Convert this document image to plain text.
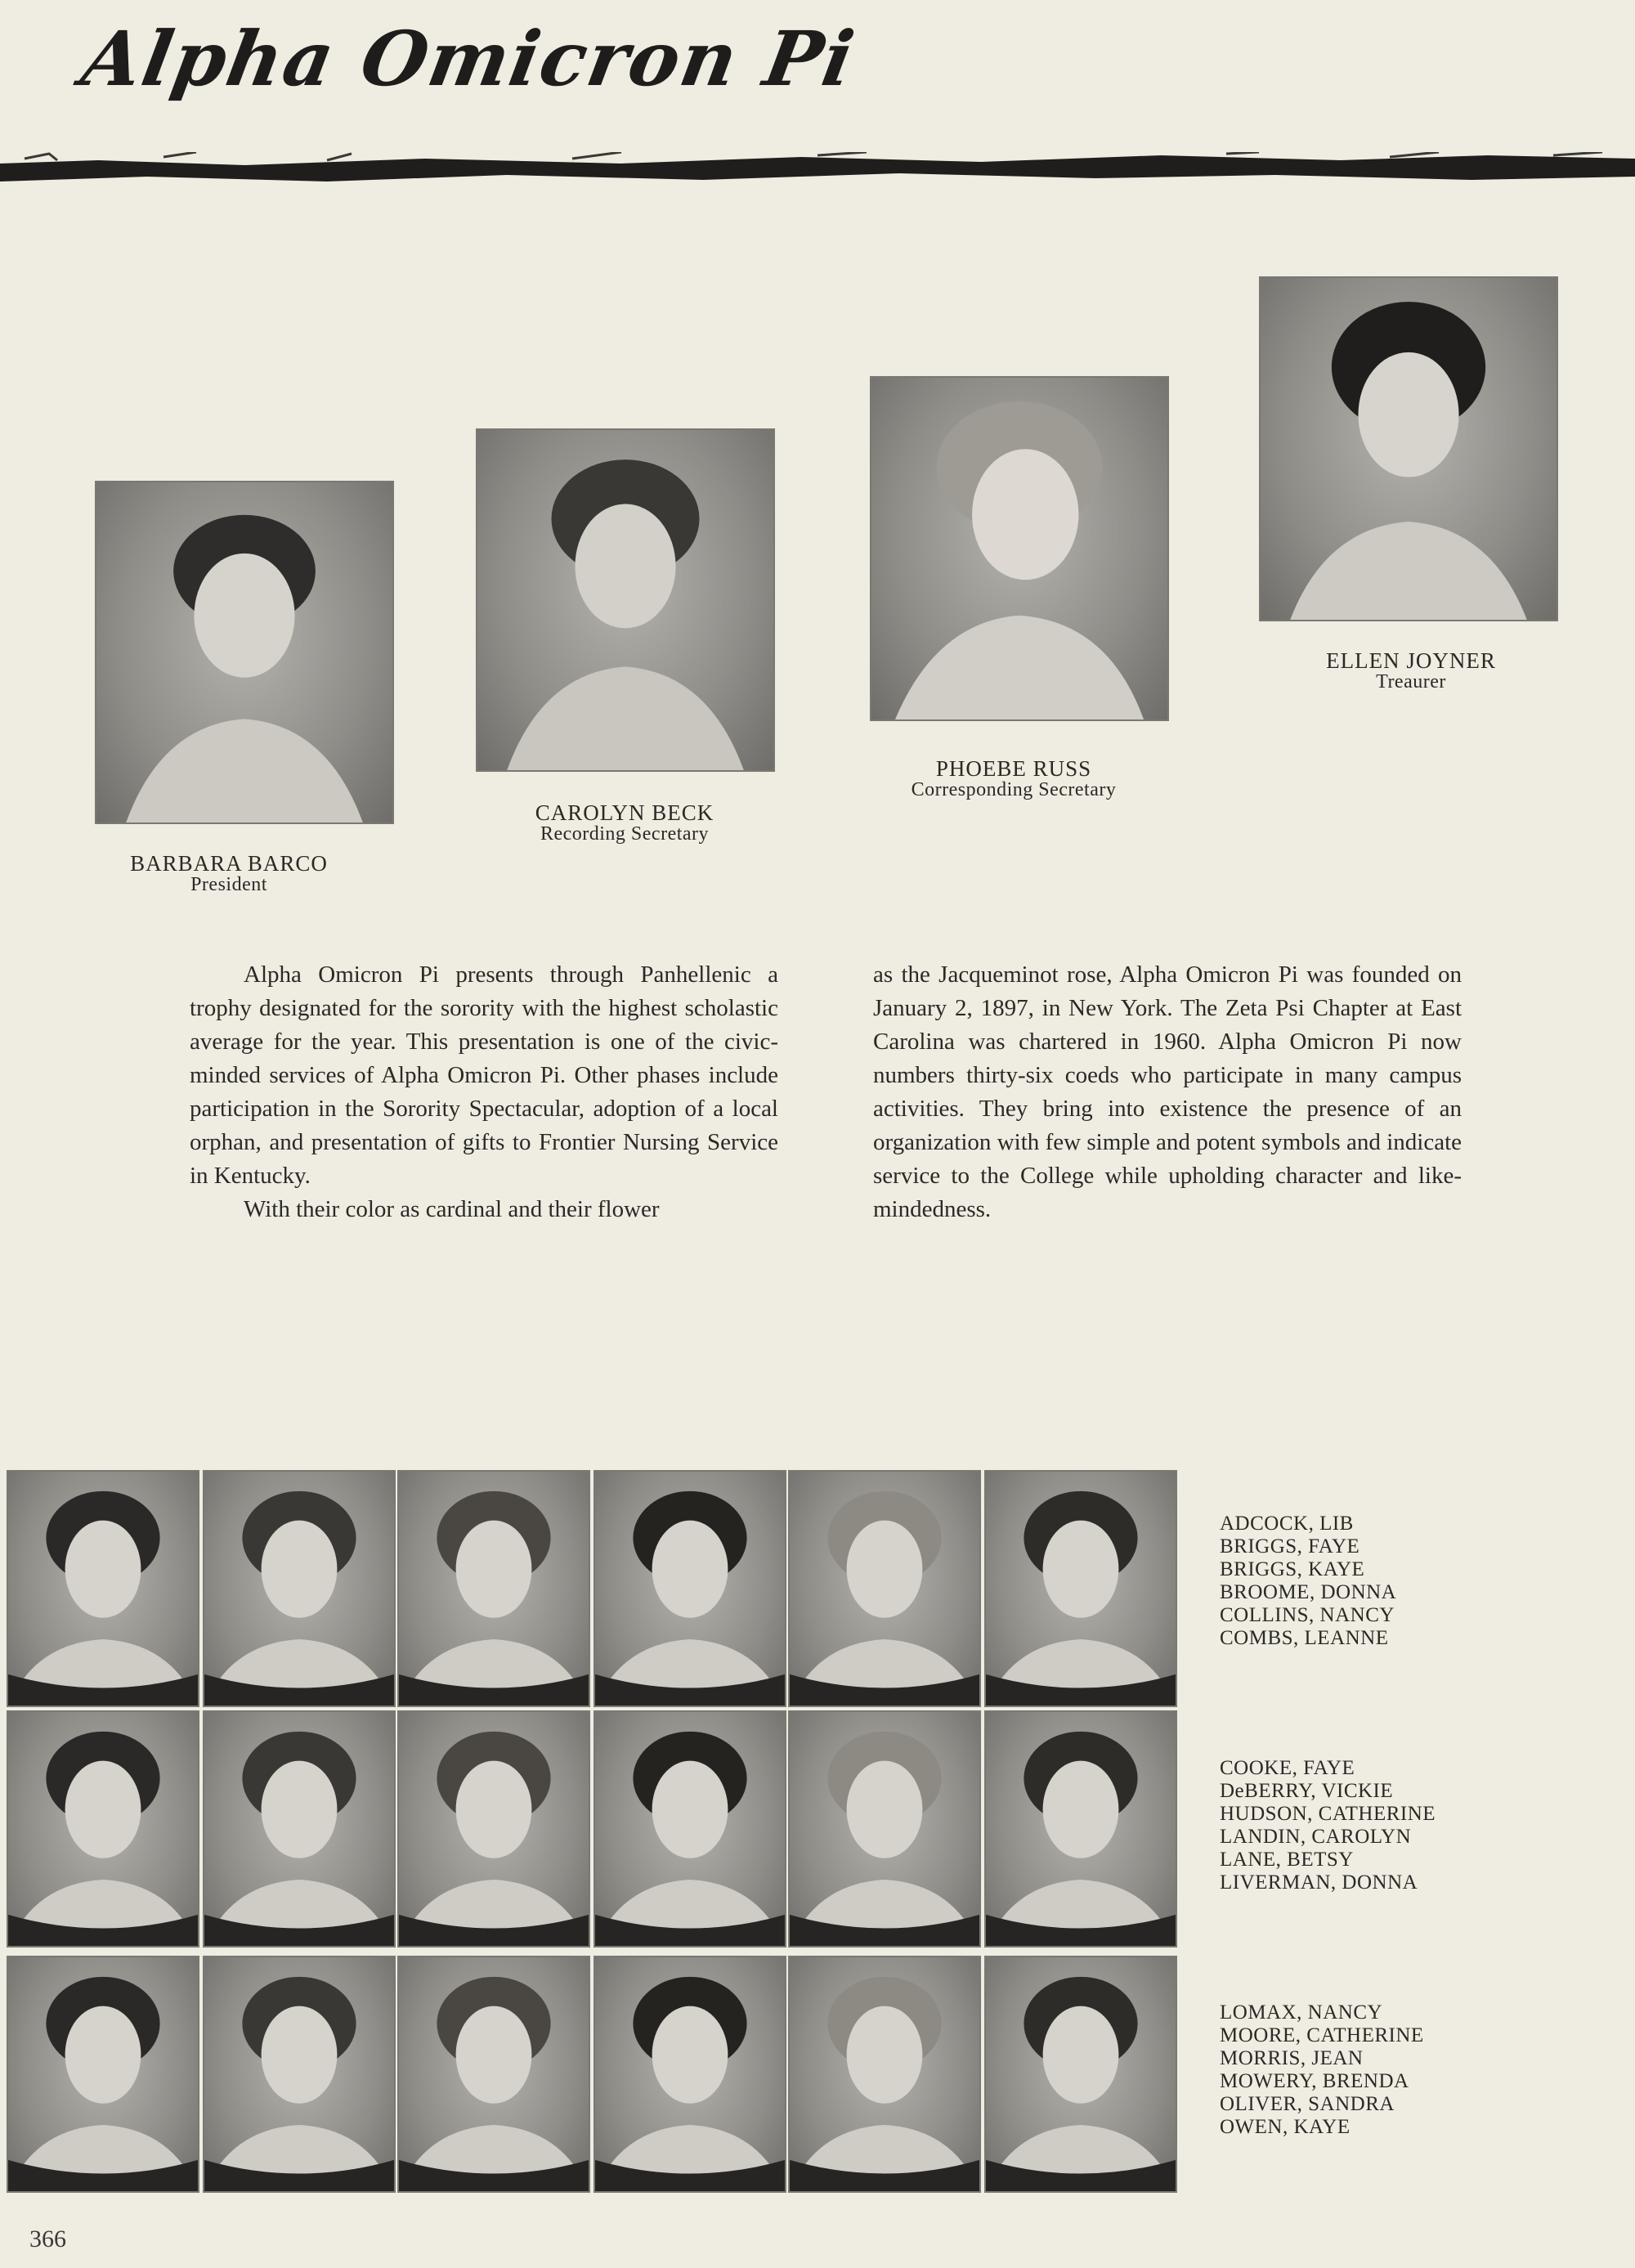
Alpha Omicron Pi
BARBARA BARCO
President
CAROLYN BECK
Recording Secretary
PHOEBE RUSS
Corresponding Secretary
ELLEN JOYNER
Treaurer

Alpha Omicron Pi presents through Panhellenic a trophy designated for the sorority with the highest scholastic average for the year. This presentation is one of the civic-minded services of Alpha Omicron Pi. Other phases include participation in the Sorority Spectacular, adoption of a local orphan, and presentation of gifts to Frontier Nursing Service in Kentucky.

With their color as cardinal and their flower

as the Jacqueminot rose, Alpha Omicron Pi was founded on January 2, 1897, in New York. The Zeta Psi Chapter at East Carolina was chartered in 1960. Alpha Omicron Pi now numbers thirty-six coeds who participate in many campus activities. They bring into existence the presence of an organization with few simple and potent symbols and indicate service to the College while upholding character and like-mindedness.

ADCOCK, LIB
BRIGGS, FAYE
BRIGGS, KAYE
BROOME, DONNA
COLLINS, NANCY
COMBS, LEANNE
COOKE, FAYE
DeBERRY, VICKIE
HUDSON, CATHERINE
LANDIN, CAROLYN
LANE, BETSY
LIVERMAN, DONNA
LOMAX, NANCY
MOORE, CATHERINE
MORRIS, JEAN
MOWERY, BRENDA
OLIVER, SANDRA
OWEN, KAYE
366
